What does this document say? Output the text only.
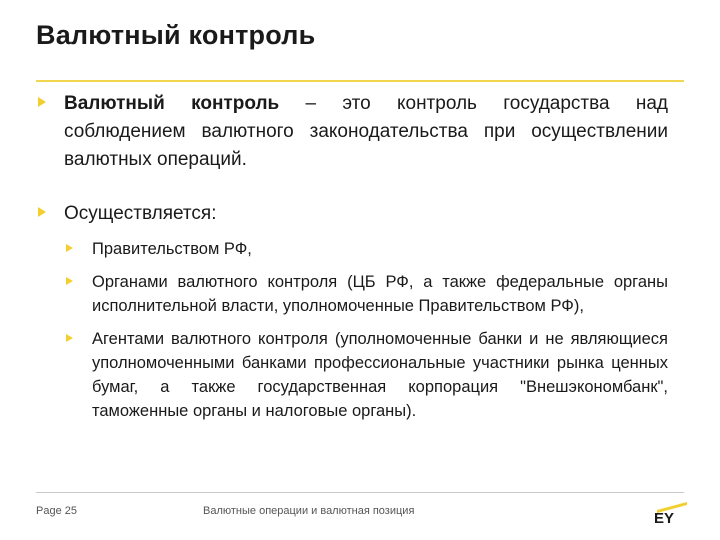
Валютный контроль
Валютный контроль – это контроль государства над соблюдением валютного законодательства при осуществлении валютных операций.
Осуществляется:
Правительством РФ,
Органами валютного контроля (ЦБ РФ, а также федеральные органы исполнительной власти, уполномоченные Правительством РФ),
Агентами валютного контроля (уполномоченные банки и не являющиеся уполномоченными банками профессиональные участники рынка ценных бумаг, а также государственная корпорация "Внешэкономбанк", таможенные органы и налоговые органы).
Page 25	Валютные операции и валютная позиция	EY
